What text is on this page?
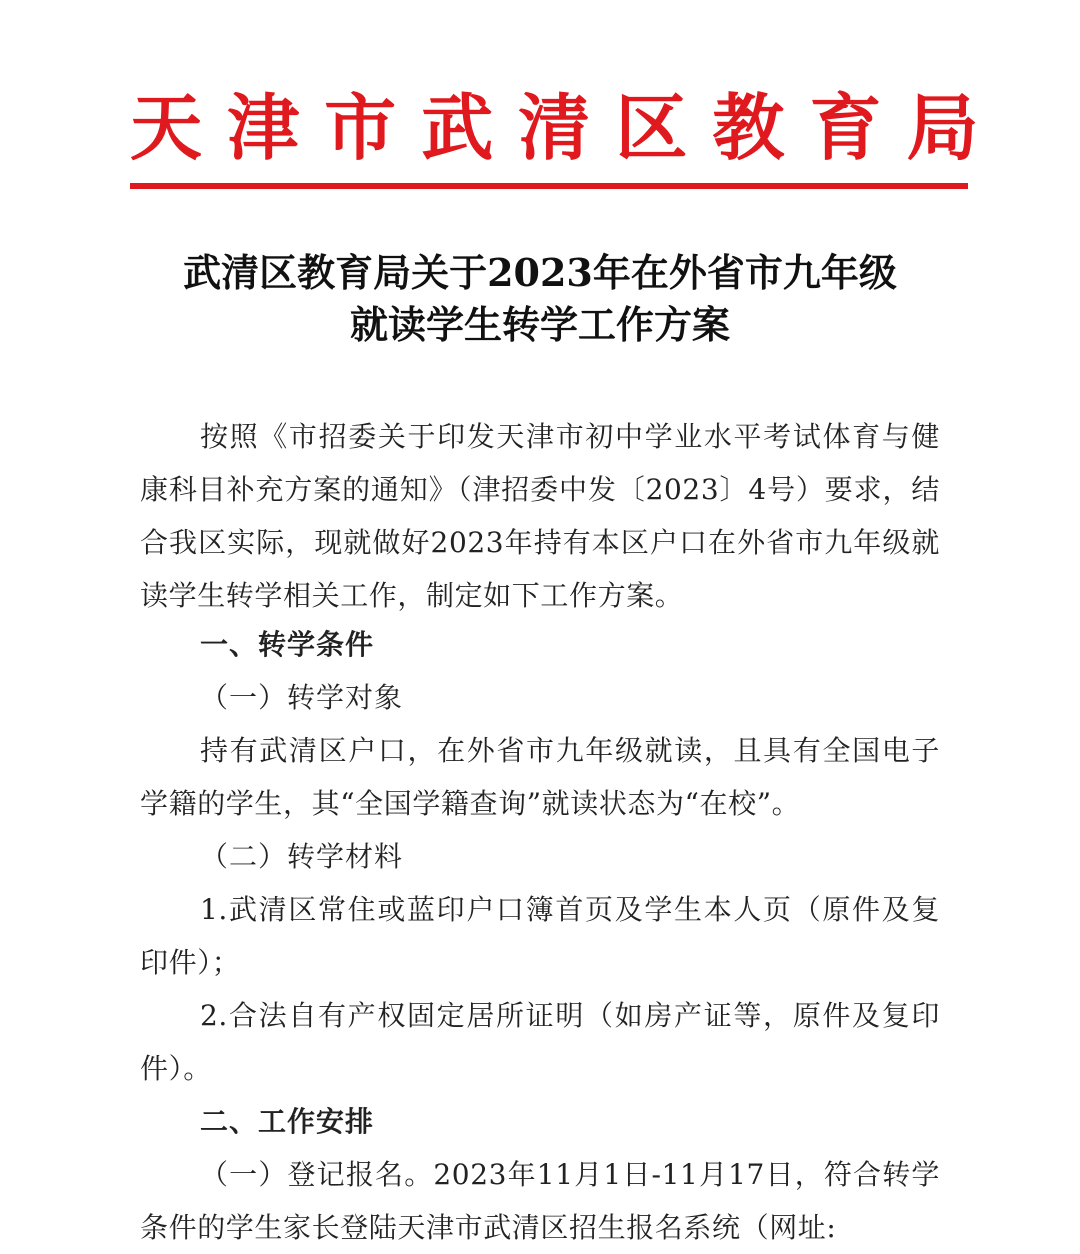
天 津 市 武 清 区 教 育 局
武清区教育局关于2023年在外省市九年级
就读学生转学工作方案
按照《市招委关于印发天津市初中学业水平考试体育与健康科目补充方案的通知》（津招委中发〔2023〕4号）要求，结合我区实际，现就做好2023年持有本区户口在外省市九年级就读学生转学相关工作，制定如下工作方案。
一、转学条件
（一）转学对象
持有武清区户口，在外省市九年级就读，且具有全国电子学籍的学生，其“全国学籍查询”就读状态为“在校”。
（二）转学材料
1.武清区常住或蓝印户口簿首页及学生本人页（原件及复印件）；
2.合法自有产权固定居所证明（如房产证等，原件及复印件）。
二、工作安排
（一）登记报名。2023年11月1日-11月17日，符合转学条件的学生家长登陆天津市武清区招生报名系统（网址:
